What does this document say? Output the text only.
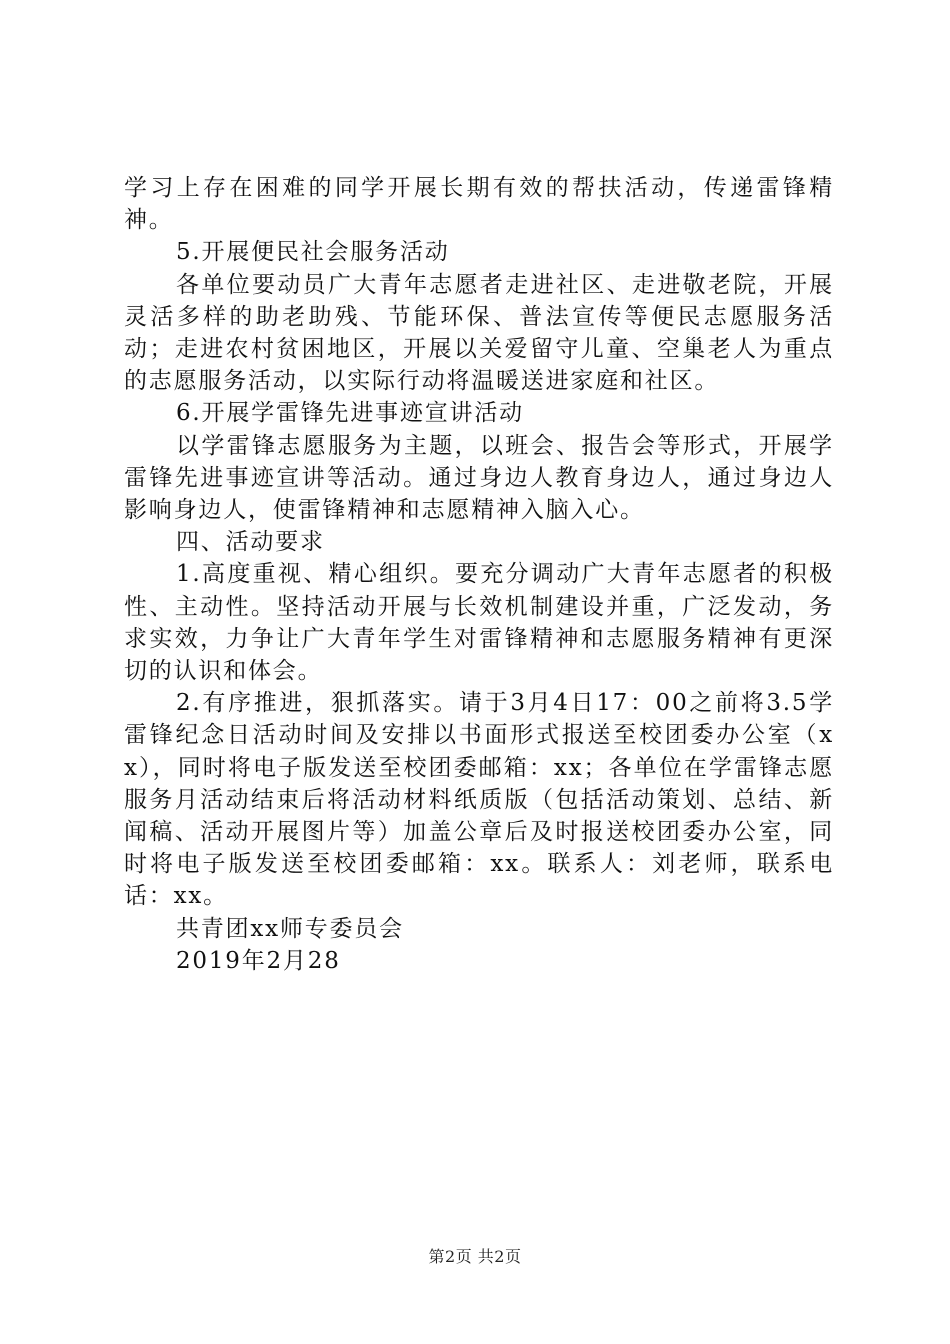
学习上存在困难的同学开展长期有效的帮扶活动，传递雷锋精神。

5.开展便民社会服务活动

各单位要动员广大青年志愿者走进社区、走进敬老院，开展灵活多样的助老助残、节能环保、普法宣传等便民志愿服务活动；走进农村贫困地区，开展以关爱留守儿童、空巢老人为重点的志愿服务活动，以实际行动将温暖送进家庭和社区。

6.开展学雷锋先进事迹宣讲活动

以学雷锋志愿服务为主题，以班会、报告会等形式，开展学雷锋先进事迹宣讲等活动。通过身边人教育身边人，通过身边人影响身边人，使雷锋精神和志愿精神入脑入心。

四、活动要求

1.高度重视、精心组织。要充分调动广大青年志愿者的积极性、主动性。坚持活动开展与长效机制建设并重，广泛发动，务求实效，力争让广大青年学生对雷锋精神和志愿服务精神有更深切的认识和体会。

2.有序推进，狠抓落实。请于3月4日17：00之前将3.5学雷锋纪念日活动时间及安排以书面形式报送至校团委办公室（xx），同时将电子版发送至校团委邮箱：xx；各单位在学雷锋志愿服务月活动结束后将活动材料纸质版（包括活动策划、总结、新闻稿、活动开展图片等）加盖公章后及时报送校团委办公室，同时将电子版发送至校团委邮箱：xx。联系人：刘老师，联系电话：xx。

共青团xx师专委员会

2019年2月28

第2页 共2页
